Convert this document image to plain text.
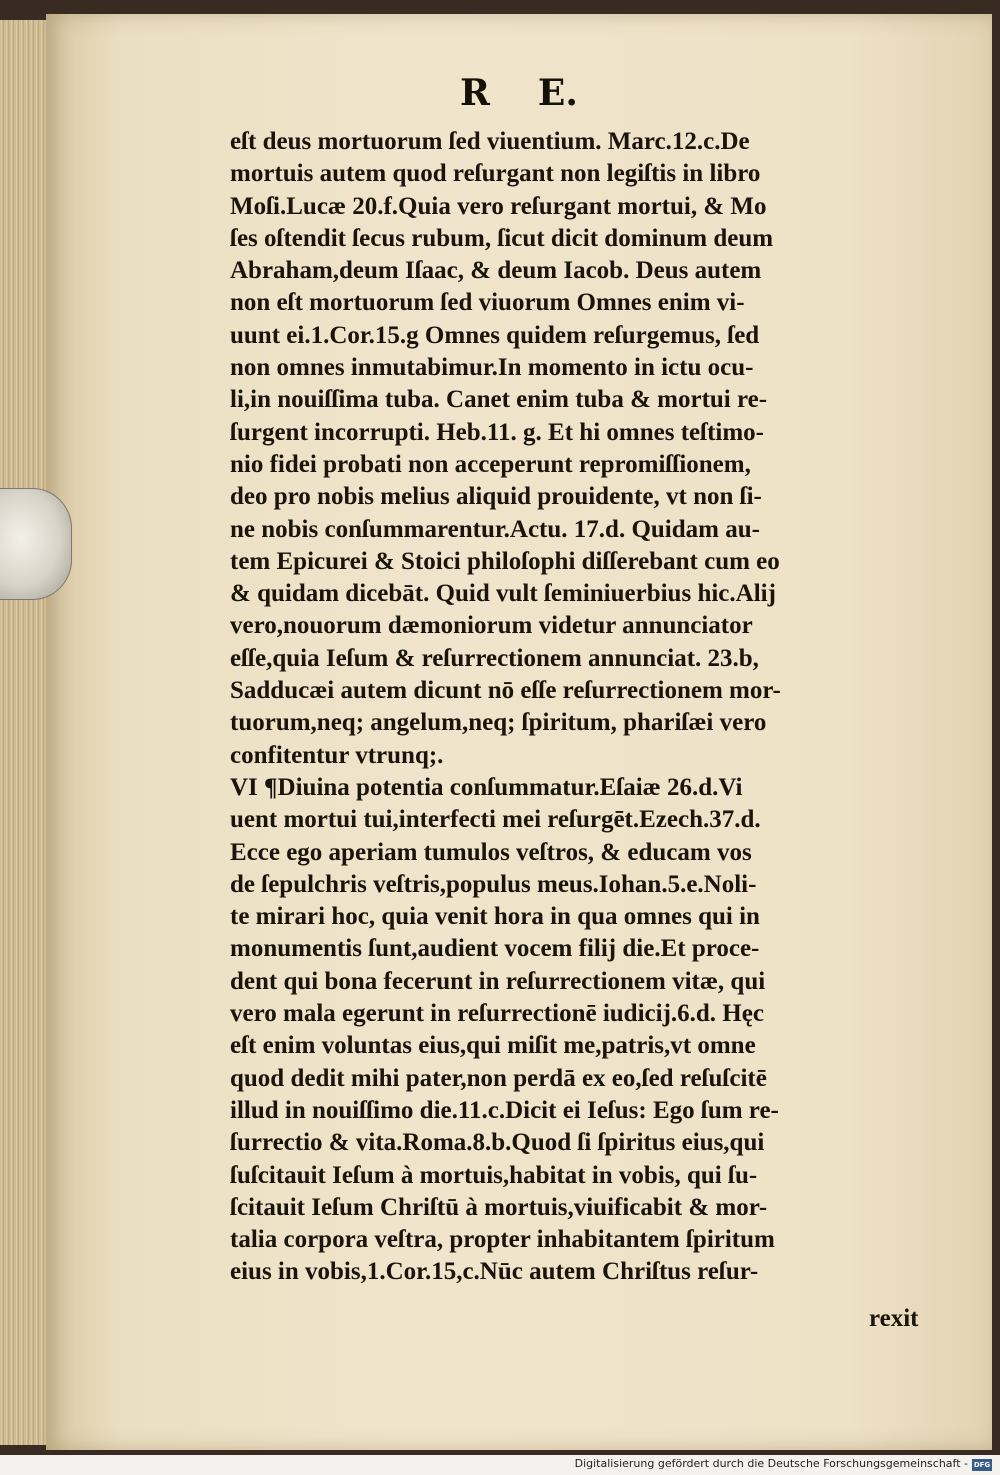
R E.
eſt deus mortuorum ſed viuentium. Marc.12.c.De
mortuis autem quod reſurgant non legiſtis in libro
Moſi.Lucæ 20.f.Quia vero reſurgant mortui, & Mo
ſes oſtendit ſecus rubum, ſicut dicit dominum deum
Abraham,deum Iſaac, & deum Iacob. Deus autem
non eſt mortuorum ſed viuorum Omnes enim vi-
uunt ei.1.Cor.15.g Omnes quidem reſurgemus, ſed
non omnes inmutabimur.In momento in ictu ocu-
li,in nouiſſima tuba. Canet enim tuba & mortui re-
ſurgent incorrupti. Heb.11. g. Et hi omnes teſtimo-
nio fidei probati non acceperunt repromiſſionem,
deo pro nobis melius aliquid prouidente, vt non ſi-
ne nobis conſummarentur.Actu. 17.d. Quidam au-
tem Epicurei & Stoici philoſophi diſſerebant cum eo
& quidam dicebāt. Quid vult ſeminiuerbius hic.Alij
vero,nouorum dæmoniorum videtur annunciator
eſſe,quia Ieſum & reſurrectionem annunciat. 23.b,
Sadducæi autem dicunt nō eſſe reſurrectionem mor-
tuorum,neq; angelum,neq; ſpiritum, phariſæi vero
confitentur vtrunq;.
VI ¶Diuina potentia conſummatur.Eſaiæ 26.d.Vi
uent mortui tui,interfecti mei reſurgēt.Ezech.37.d.
Ecce ego aperiam tumulos veſtros, & educam vos
de ſepulchris veſtris,populus meus.Iohan.5.e.Noli-
te mirari hoc, quia venit hora in qua omnes qui in
monumentis ſunt,audient vocem filij die.Et proce-
dent qui bona fecerunt in reſurrectionem vitæ, qui
vero mala egerunt in reſurrectionē iudicij.6.d. Hęc
eſt enim voluntas eius,qui miſit me,patris,vt omne
quod dedit mihi pater,non perdā ex eo,ſed reſuſcitē
illud in nouiſſimo die.11.c.Dicit ei Ieſus: Ego ſum re-
ſurrectio & vita.Roma.8.b.Quod ſi ſpiritus eius,qui
ſuſcitauit Ieſum à mortuis,habitat in vobis, qui ſu-
ſcitauit Ieſum Chriſtū à mortuis,viuificabit & mor-
talia corpora veſtra, propter inhabitantem ſpiritum
eius in vobis,1.Cor.15,c.Nūc autem Chriſtus reſur-
rexit
Digitalisierung gefördert durch die Deutsche Forschungsgemeinschaft - DFG
